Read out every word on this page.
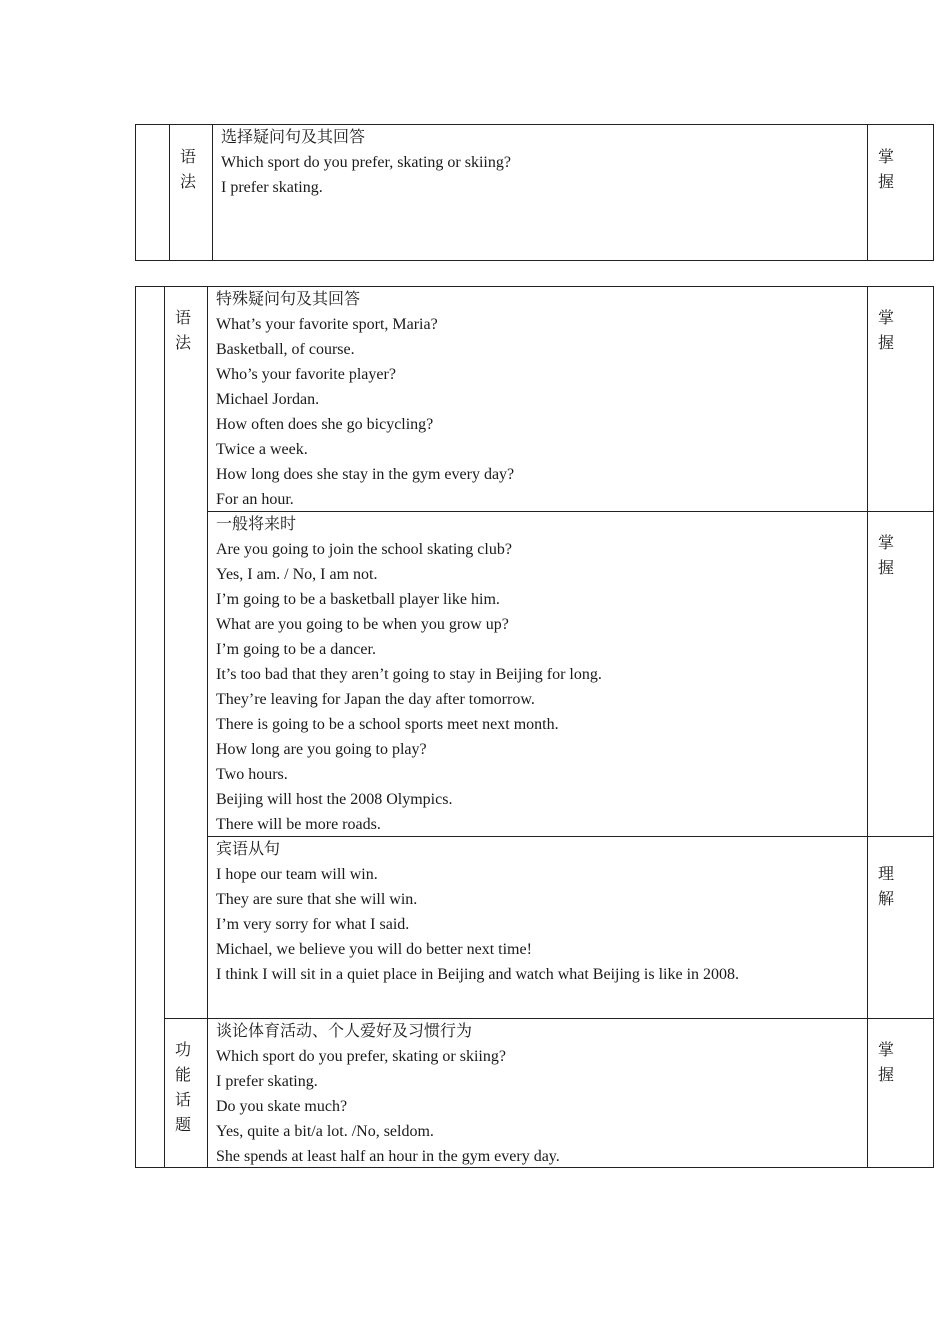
语
法
选择疑问句及其回答
Which sport do you prefer, skating or skiing?
I prefer skating.
掌
握
语
法
功
能
话
题
特殊疑问句及其回答
What’s your favorite sport, Maria?
Basketball, of course.
Who’s your favorite player?
Michael Jordan.
How often does she go bicycling?
Twice a week.
How long does she stay in the gym every day?
For an hour.
掌
握
一般将来时
Are you going to join the school skating club?
Yes, I am. / No, I am not.
I’m going to be a basketball player like him.
What are you going to be when you grow up?
I’m going to be a dancer.
It’s too bad that they aren’t going to stay in Beijing for long.
They’re leaving for Japan the day after tomorrow.
There is going to be a school sports meet next month.
How long are you going to play?
Two hours.
Beijing will host the 2008 Olympics.
There will be more roads.
掌
握
宾语从句
I hope our team will win.
They are sure that she will win.
I’m very sorry for what I said.
Michael, we believe you will do better next time!
I think I will sit in a quiet place in Beijing and watch what Beijing is like in 2008.
理
解
谈论体育活动、个人爱好及习惯行为
Which sport do you prefer, skating or skiing?
I prefer skating.
Do you skate much?
Yes, quite a bit/a lot. /No, seldom.
She spends at least half an hour in the gym every day.
掌
握
